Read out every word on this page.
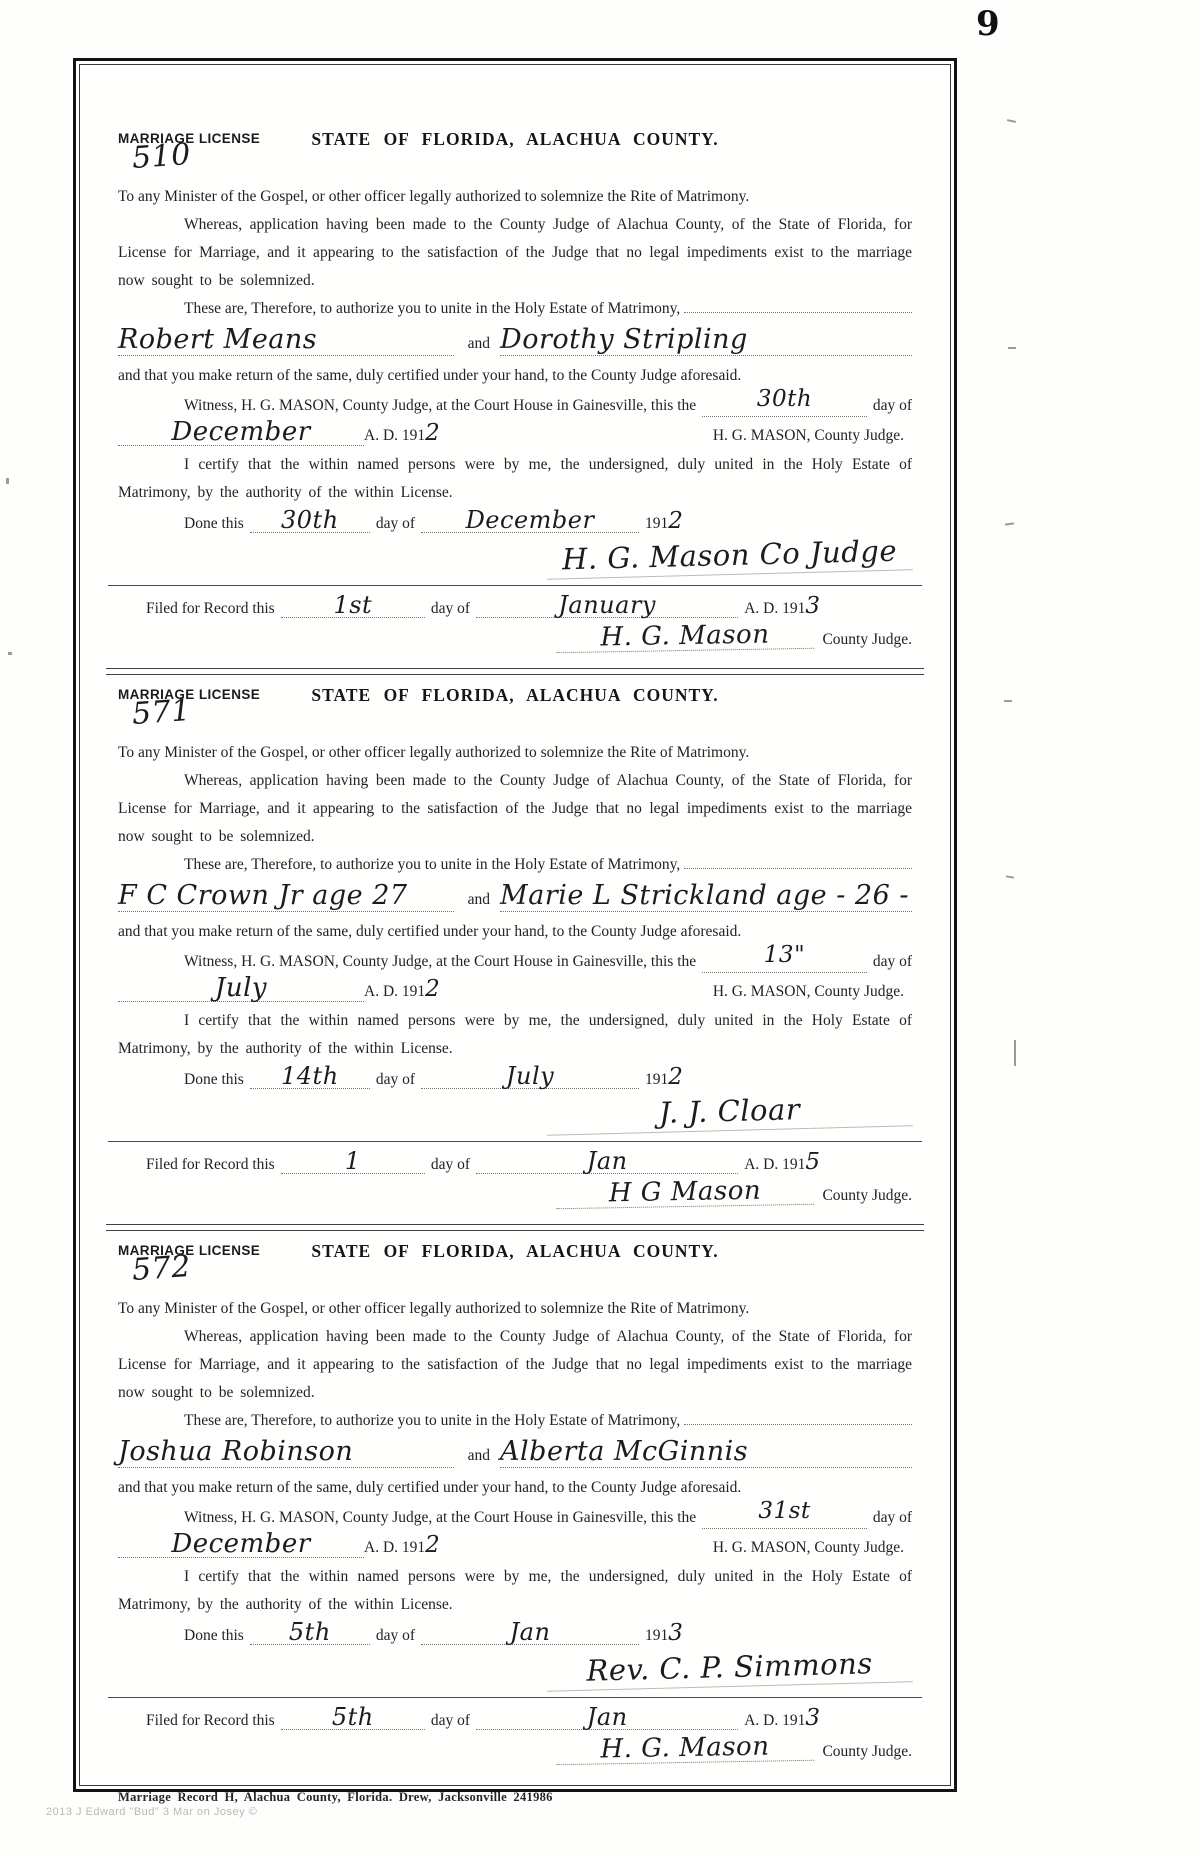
9
MARRIAGE LICENSE
510	STATE OF FLORIDA, ALACHUA COUNTY.

To any Minister of the Gospel, or other officer legally authorized to solemnize the Rite of Matrimony.

Whereas, application having been made to the County Judge of Alachua County, of the State of Florida, for License for Marriage, and it appearing to the satisfaction of the Judge that no legal impediments exist to the marriage now sought to be solemnized.

These are, Therefore, to authorize you to unite in the Holy Estate of Matrimony,
Robert Means	and Dorothy Stripling

and that you make return of the same, duly certified under your hand, to the County Judge aforesaid.

Witness, H. G. MASON, County Judge, at the Court House in Gainesville, this the	30th	day of
December	A. D. 191 2	H. G. MASON, County Judge.

I certify that the within named persons were by me, the undersigned, duly united in the Holy Estate of Matrimony, by the authority of the within License.

Done this	30th	day of	December	191 2
H. G. Mason Co Judge
Filed for Record this	1st	day of	January	A. D. 191 3
H. G. Mason	County Judge.
MARRIAGE LICENSE
571	STATE OF FLORIDA, ALACHUA COUNTY.

To any Minister of the Gospel, or other officer legally authorized to solemnize the Rite of Matrimony.

Whereas, application having been made to the County Judge of Alachua County, of the State of Florida, for License for Marriage, and it appearing to the satisfaction of the Judge that no legal impediments exist to the marriage now sought to be solemnized.

These are, Therefore, to authorize you to unite in the Holy Estate of Matrimony,
F C Crown Jr age 27	and Marie L Strickland age - 26 -

and that you make return of the same, duly certified under your hand, to the County Judge aforesaid.

Witness, H. G. MASON, County Judge, at the Court House in Gainesville, this the	13"	day of
July	A. D. 191 2	H. G. MASON, County Judge.

I certify that the within named persons were by me, the undersigned, duly united in the Holy Estate of Matrimony, by the authority of the within License.

Done this	14th	day of	July	191 2
J. J. Cloar
Filed for Record this	1	day of	Jan	A. D. 191 5
H G Mason	County Judge.
MARRIAGE LICENSE
572	STATE OF FLORIDA, ALACHUA COUNTY.

To any Minister of the Gospel, or other officer legally authorized to solemnize the Rite of Matrimony.

Whereas, application having been made to the County Judge of Alachua County, of the State of Florida, for License for Marriage, and it appearing to the satisfaction of the Judge that no legal impediments exist to the marriage now sought to be solemnized.

These are, Therefore, to authorize you to unite in the Holy Estate of Matrimony,
Joshua Robinson	and Alberta McGinnis

and that you make return of the same, duly certified under your hand, to the County Judge aforesaid.

Witness, H. G. MASON, County Judge, at the Court House in Gainesville, this the	31st	day of
December	A. D. 191 2	H. G. MASON, County Judge.

I certify that the within named persons were by me, the undersigned, duly united in the Holy Estate of Matrimony, by the authority of the within License.

Done this	5th	day of	Jan	191 3
Rev. C. P. Simmons
Filed for Record this	5th	day of	Jan	A. D. 191 3
H. G. Mason	County Judge.
Marriage Record H, Alachua County, Florida. Drew, Jacksonville 241986
2013 J Edward "Bud" 3 Mar on Josey ©
